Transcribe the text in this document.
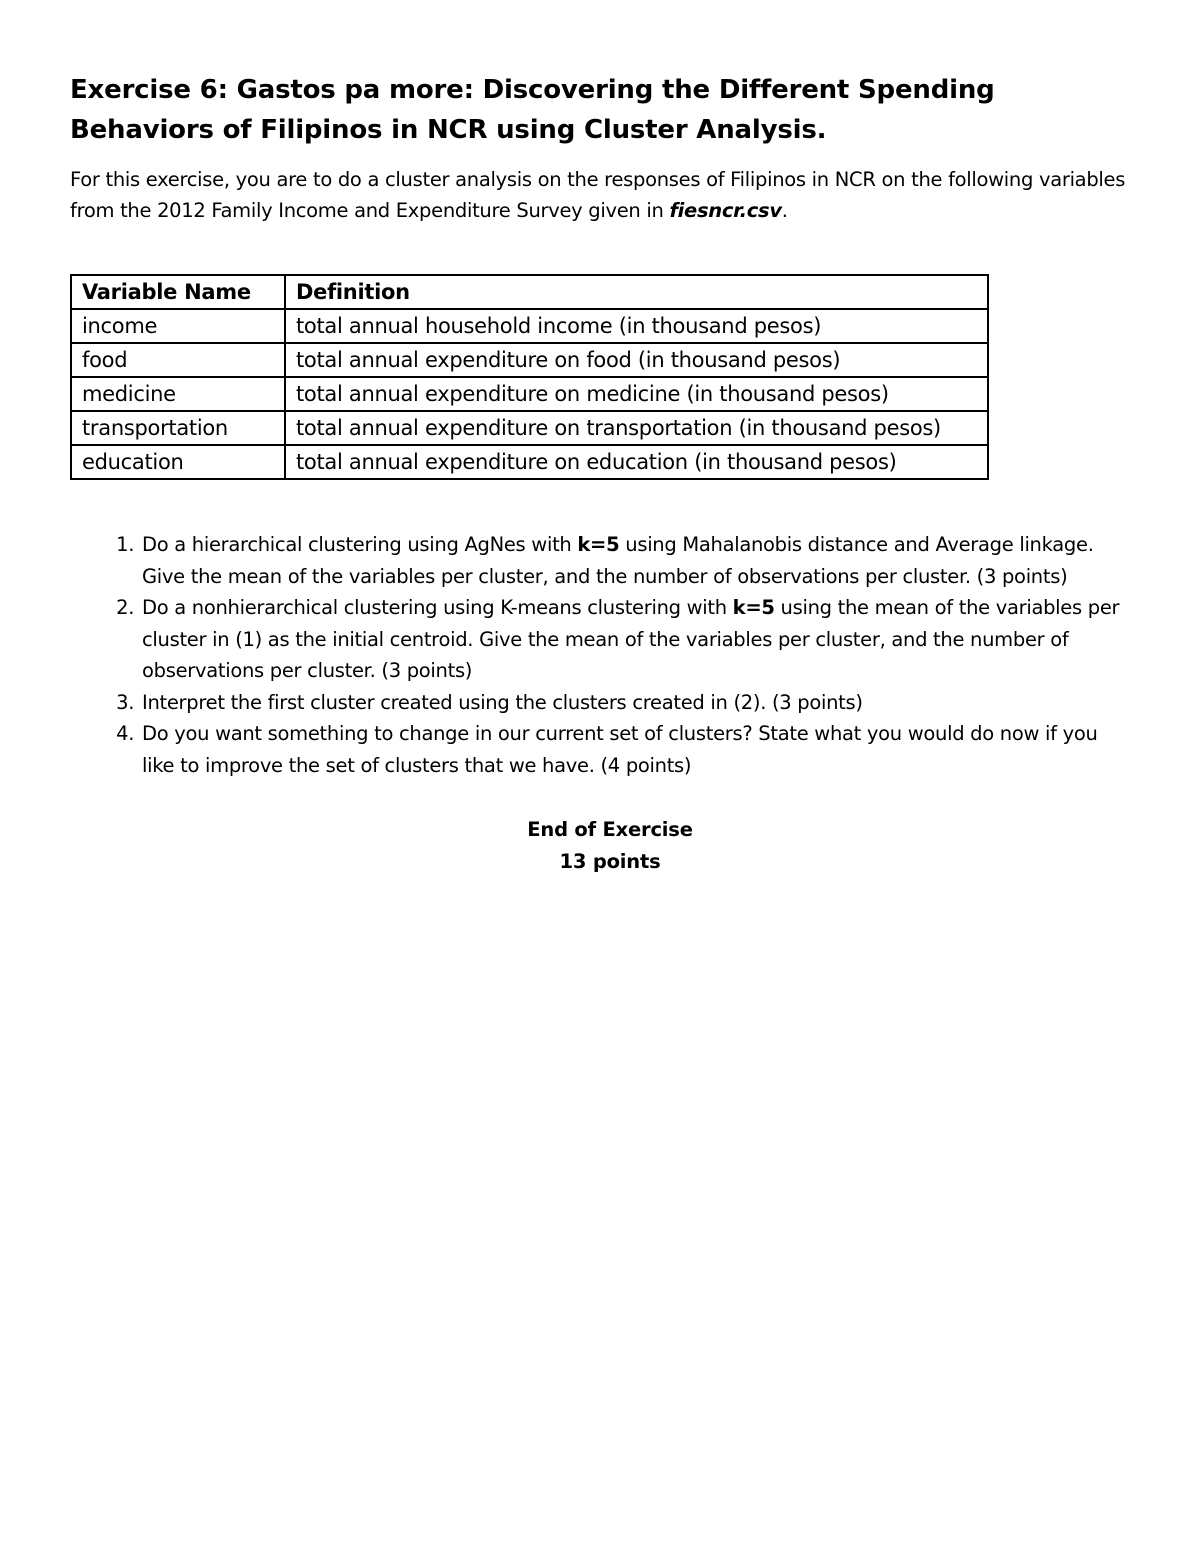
Exercise 6: Gastos pa more: Discovering the Different Spending Behaviors of Filipinos in NCR using Cluster Analysis.

For this exercise, you are to do a cluster analysis on the responses of Filipinos in NCR on the following variables from the 2012 Family Income and Expenditure Survey given in fiesncr.csv.

Variable Name	Definition
income	total annual household income (in thousand pesos)
food	total annual expenditure on food (in thousand pesos)
medicine	total annual expenditure on medicine (in thousand pesos)
transportation	total annual expenditure on transportation (in thousand pesos)
education	total annual expenditure on education (in thousand pesos)
1. Do a hierarchical clustering using AgNes with k=5 using Mahalanobis distance and Average linkage. Give the mean of the variables per cluster, and the number of observations per cluster. (3 points)
2. Do a nonhierarchical clustering using K-means clustering with k=5 using the mean of the variables per cluster in (1) as the initial centroid. Give the mean of the variables per cluster, and the number of observations per cluster. (3 points)
3. Interpret the first cluster created using the clusters created in (2). (3 points)
4. Do you want something to change in our current set of clusters? State what you would do now if you like to improve the set of clusters that we have. (4 points)
End of Exercise
13 points
